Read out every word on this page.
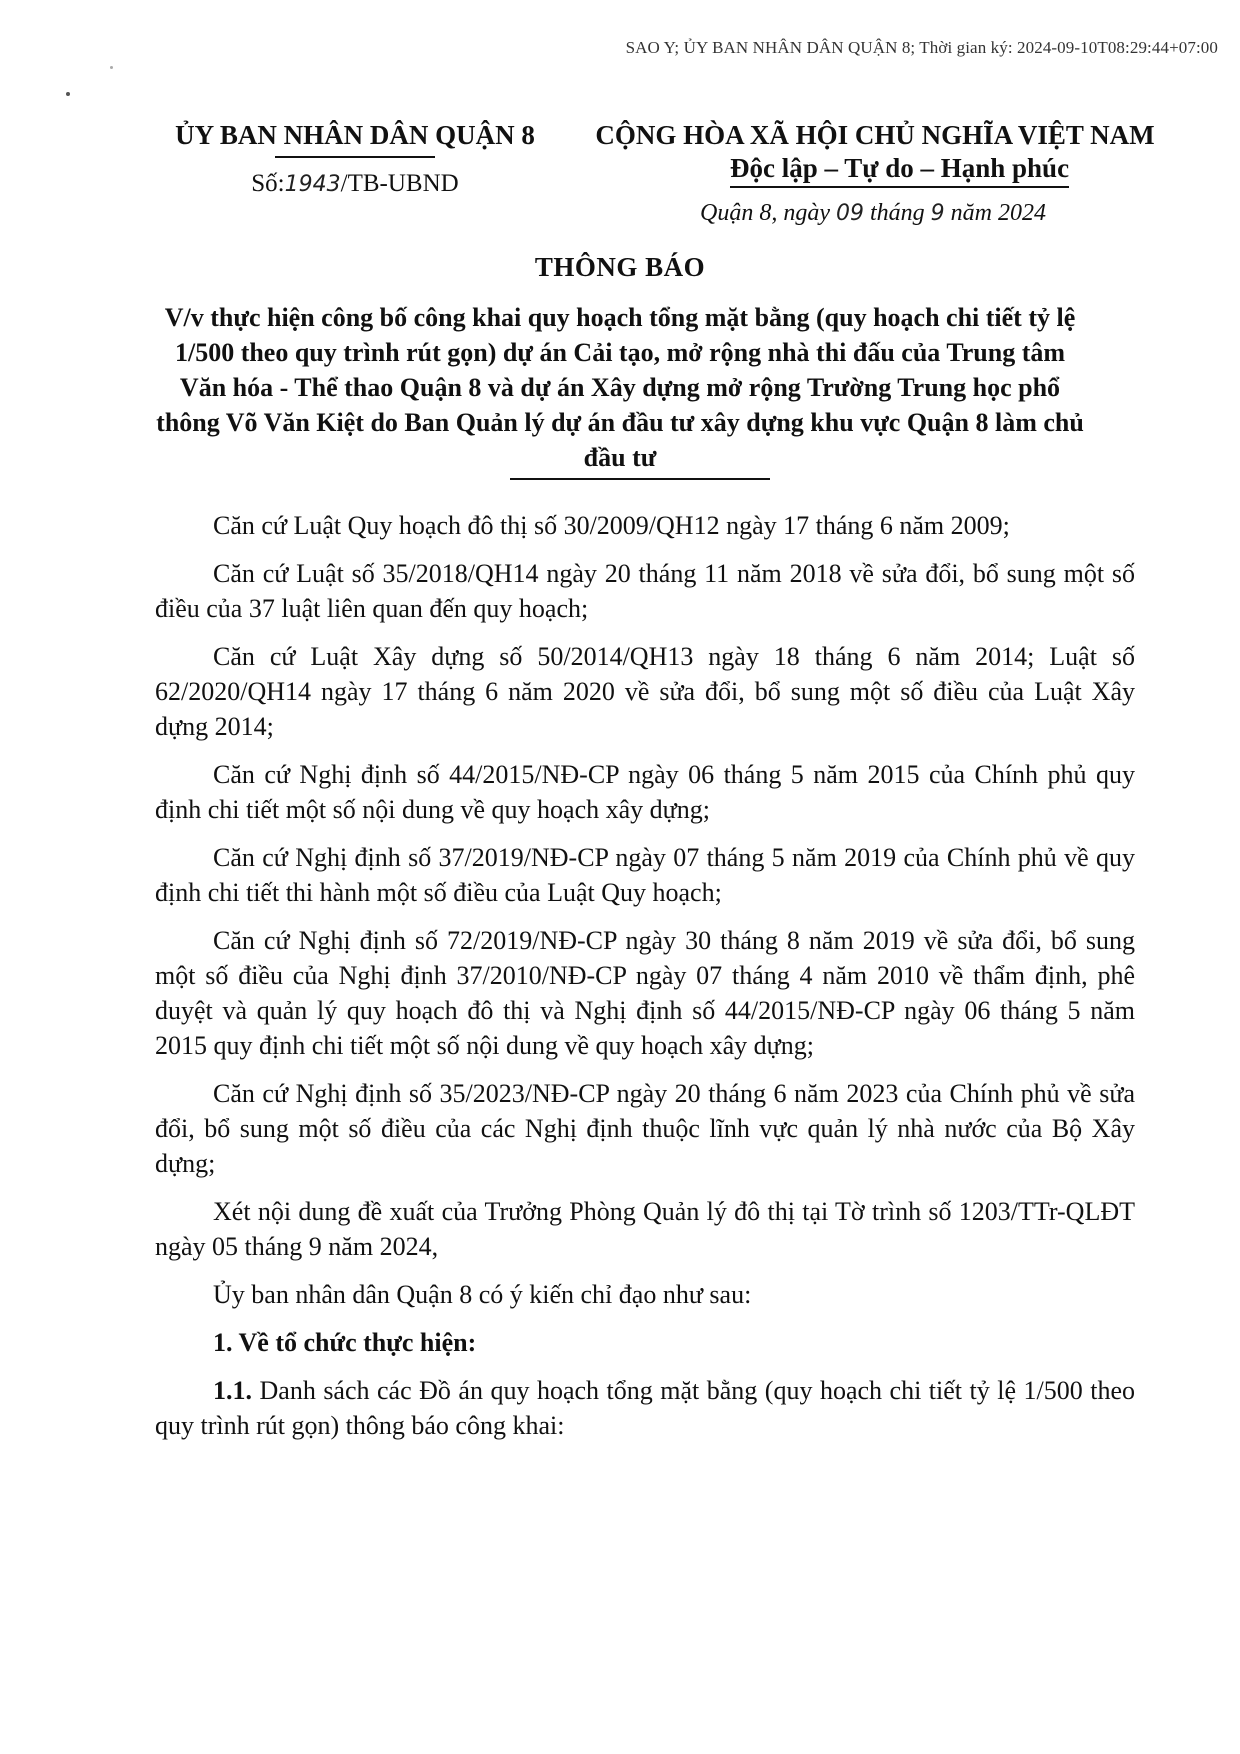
SAO Y; ỦY BAN NHÂN DÂN QUẬN 8; Thời gian ký: 2024-09-10T08:29:44+07:00
ỦY BAN NHÂN DÂN QUẬN 8
Số:1943/TB-UBND
CỘNG HÒA XÃ HỘI CHỦ NGHĨA VIỆT NAM
Độc lập – Tự do – Hạnh phúc
Quận 8, ngày 09 tháng 9 năm 2024
THÔNG BÁO
V/v thực hiện công bố công khai quy hoạch tổng mặt bằng (quy hoạch chi tiết tỷ lệ 1/500 theo quy trình rút gọn) dự án Cải tạo, mở rộng nhà thi đấu của Trung tâm Văn hóa - Thể thao Quận 8 và dự án Xây dựng mở rộng Trường Trung học phổ thông Võ Văn Kiệt do Ban Quản lý dự án đầu tư xây dựng khu vực Quận 8 làm chủ đầu tư

Căn cứ Luật Quy hoạch đô thị số 30/2009/QH12 ngày 17 tháng 6 năm 2009;

Căn cứ Luật số 35/2018/QH14 ngày 20 tháng 11 năm 2018 về sửa đổi, bổ sung một số điều của 37 luật liên quan đến quy hoạch;

Căn cứ Luật Xây dựng số 50/2014/QH13 ngày 18 tháng 6 năm 2014; Luật số 62/2020/QH14 ngày 17 tháng 6 năm 2020 về sửa đổi, bổ sung một số điều của Luật Xây dựng 2014;

Căn cứ Nghị định số 44/2015/NĐ-CP ngày 06 tháng 5 năm 2015 của Chính phủ quy định chi tiết một số nội dung về quy hoạch xây dựng;

Căn cứ Nghị định số 37/2019/NĐ-CP ngày 07 tháng 5 năm 2019 của Chính phủ về quy định chi tiết thi hành một số điều của Luật Quy hoạch;

Căn cứ Nghị định số 72/2019/NĐ-CP ngày 30 tháng 8 năm 2019 về sửa đổi, bổ sung một số điều của Nghị định 37/2010/NĐ-CP ngày 07 tháng 4 năm 2010 về thẩm định, phê duyệt và quản lý quy hoạch đô thị và Nghị định số 44/2015/NĐ-CP ngày 06 tháng 5 năm 2015 quy định chi tiết một số nội dung về quy hoạch xây dựng;

Căn cứ Nghị định số 35/2023/NĐ-CP ngày 20 tháng 6 năm 2023 của Chính phủ về sửa đổi, bổ sung một số điều của các Nghị định thuộc lĩnh vực quản lý nhà nước của Bộ Xây dựng;

Xét nội dung đề xuất của Trưởng Phòng Quản lý đô thị tại Tờ trình số 1203/TTr-QLĐT ngày 05 tháng 9 năm 2024,

Ủy ban nhân dân Quận 8 có ý kiến chỉ đạo như sau:

1. Về tổ chức thực hiện:

1.1. Danh sách các Đồ án quy hoạch tổng mặt bằng (quy hoạch chi tiết tỷ lệ 1/500 theo quy trình rút gọn) thông báo công khai:
